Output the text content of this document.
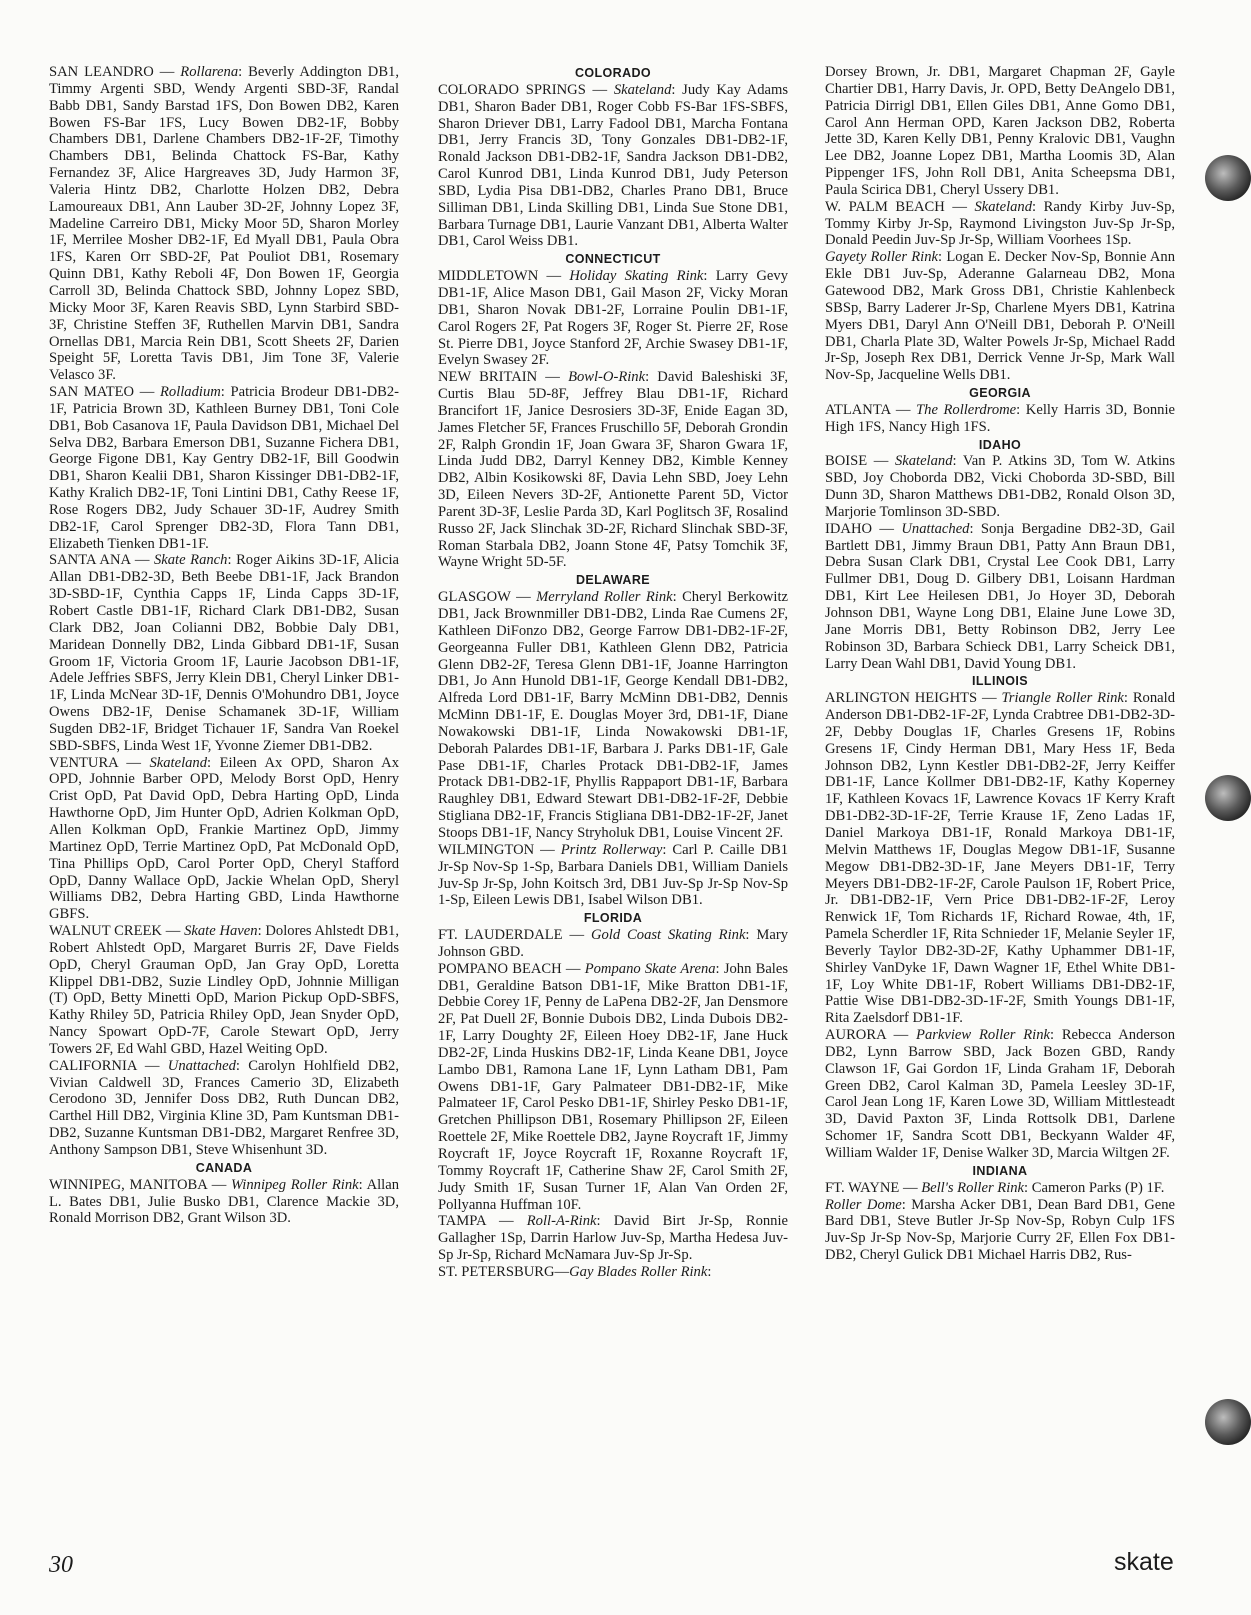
SAN LEANDRO — Rollarena: Beverly Addington DB1, Timmy Argenti SBD, Wendy Argenti SBD-3F, Randal Babb DB1, Sandy Barstad 1FS, Don Bowen DB2, Karen Bowen FS-Bar 1FS, Lucy Bowen DB2-1F, Bobby Chambers DB1, Darlene Chambers DB2-1F-2F, Timothy Chambers DB1, Belinda Chattock FS-Bar, Kathy Fernandez 3F, Alice Hargreaves 3D, Judy Harmon 3F, Valeria Hintz DB2, Charlotte Holzen DB2, Debra Lamoureaux DB1, Ann Lauber 3D-2F, Johnny Lopez 3F, Madeline Carreiro DB1, Micky Moor 5D, Sharon Morley 1F, Merrilee Mosher DB2-1F, Ed Myall DB1, Paula Obra 1FS, Karen Orr SBD-2F, Pat Pouliot DB1, Rosemary Quinn DB1, Kathy Reboli 4F, Don Bowen 1F, Georgia Carroll 3D, Belinda Chattock SBD, Johnny Lopez SBD, Micky Moor 3F, Karen Reavis SBD, Lynn Starbird SBD-3F, Christine Steffen 3F, Ruthellen Marvin DB1, Sandra Ornellas DB1, Marcia Rein DB1, Scott Sheets 2F, Darien Speight 5F, Loretta Tavis DB1, Jim Tone 3F, Valerie Velasco 3F.

SAN MATEO — Rolladium: Patricia Brodeur DB1-DB2-1F, Patricia Brown 3D, Kathleen Burney DB1, Toni Cole DB1, Bob Casanova 1F, Paula Davidson DB1, Michael Del Selva DB2, Barbara Emerson DB1, Suzanne Fichera DB1, George Figone DB1, Kay Gentry DB2-1F, Bill Goodwin DB1, Sharon Kealii DB1, Sharon Kissinger DB1-DB2-1F, Kathy Kralich DB2-1F, Toni Lintini DB1, Cathy Reese 1F, Rose Rogers DB2, Judy Schauer 3D-1F, Audrey Smith DB2-1F, Carol Sprenger DB2-3D, Flora Tann DB1, Elizabeth Tienken DB1-1F.

SANTA ANA — Skate Ranch: Roger Aikins 3D-1F, Alicia Allan DB1-DB2-3D, Beth Beebe DB1-1F, Jack Brandon 3D-SBD-1F, Cynthia Capps 1F, Linda Capps 3D-1F, Robert Castle DB1-1F, Richard Clark DB1-DB2, Susan Clark DB2, Joan Colianni DB2, Bobbie Daly DB1, Maridean Donnelly DB2, Linda Gibbard DB1-1F, Susan Groom 1F, Victoria Groom 1F, Laurie Jacobson DB1-1F, Adele Jeffries SBFS, Jerry Klein DB1, Cheryl Linker DB1-1F, Linda McNear 3D-1F, Dennis O'Mohundro DB1, Joyce Owens DB2-1F, Denise Schamanek 3D-1F, William Sugden DB2-1F, Bridget Tichauer 1F, Sandra Van Roekel SBD-SBFS, Linda West 1F, Yvonne Ziemer DB1-DB2.

VENTURA — Skateland: Eileen Ax OPD, Sharon Ax OPD, Johnnie Barber OPD, Melody Borst OpD, Henry Crist OpD, Pat David OpD, Debra Harting OpD, Linda Hawthorne OpD, Jim Hunter OpD, Adrien Kolkman OpD, Allen Kolkman OpD, Frankie Martinez OpD, Jimmy Martinez OpD, Terrie Martinez OpD, Pat McDonald OpD, Tina Phillips OpD, Carol Porter OpD, Cheryl Stafford OpD, Danny Wallace OpD, Jackie Whelan OpD, Sheryl Williams DB2, Debra Harting GBD, Linda Hawthorne GBFS.

WALNUT CREEK — Skate Haven: Dolores Ahlstedt DB1, Robert Ahlstedt OpD, Margaret Burris 2F, Dave Fields OpD, Cheryl Grauman OpD, Jan Gray OpD, Loretta Klippel DB1-DB2, Suzie Lindley OpD, Johnnie Milligan (T) OpD, Betty Minetti OpD, Marion Pickup OpD-SBFS, Kathy Rhiley 5D, Patricia Rhiley OpD, Jean Snyder OpD, Nancy Spowart OpD-7F, Carole Stewart OpD, Jerry Towers 2F, Ed Wahl GBD, Hazel Weiting OpD.

CALIFORNIA — Unattached: Carolyn Hohlfield DB2, Vivian Caldwell 3D, Frances Camerio 3D, Elizabeth Cerodono 3D, Jennifer Doss DB2, Ruth Duncan DB2, Carthel Hill DB2, Virginia Kline 3D, Pam Kuntsman DB1-DB2, Suzanne Kuntsman DB1-DB2, Margaret Renfree 3D, Anthony Sampson DB1, Steve Whisenhunt 3D.

CANADA

WINNIPEG, MANITOBA — Winnipeg Roller Rink: Allan L. Bates DB1, Julie Busko DB1, Clarence Mackie 3D, Ronald Morrison DB2, Grant Wilson 3D.

COLORADO

COLORADO SPRINGS — Skateland: Judy Kay Adams DB1, Sharon Bader DB1, Roger Cobb FS-Bar 1FS-SBFS, Sharon Driever DB1, Larry Fadool DB1, Marcha Fontana DB1, Jerry Francis 3D, Tony Gonzales DB1-DB2-1F, Ronald Jackson DB1-DB2-1F, Sandra Jackson DB1-DB2, Carol Kunrod DB1, Linda Kunrod DB1, Judy Peterson SBD, Lydia Pisa DB1-DB2, Charles Prano DB1, Bruce Silliman DB1, Linda Skilling DB1, Linda Sue Stone DB1, Barbara Turnage DB1, Laurie Vanzant DB1, Alberta Walter DB1, Carol Weiss DB1.

CONNECTICUT

MIDDLETOWN — Holiday Skating Rink: Larry Gevy DB1-1F, Alice Mason DB1, Gail Mason 2F, Vicky Moran DB1, Sharon Novak DB1-2F, Lorraine Poulin DB1-1F, Carol Rogers 2F, Pat Rogers 3F, Roger St. Pierre 2F, Rose St. Pierre DB1, Joyce Stanford 2F, Archie Swasey DB1-1F, Evelyn Swasey 2F.

NEW BRITAIN — Bowl-O-Rink: David Baleshiski 3F, Curtis Blau 5D-8F, Jeffrey Blau DB1-1F, Richard Brancifort 1F, Janice Desrosiers 3D-3F, Enide Eagan 3D, James Fletcher 5F, Frances Fruschillo 5F, Deborah Grondin 2F, Ralph Grondin 1F, Joan Gwara 3F, Sharon Gwara 1F, Linda Judd DB2, Darryl Kenney DB2, Kimble Kenney DB2, Albin Kosikowski 8F, Davia Lehn SBD, Joey Lehn 3D, Eileen Nevers 3D-2F, Antionette Parent 5D, Victor Parent 3D-3F, Leslie Parda 3D, Karl Poglitsch 3F, Rosalind Russo 2F, Jack Slinchak 3D-2F, Richard Slinchak SBD-3F, Roman Starbala DB2, Joann Stone 4F, Patsy Tomchik 3F, Wayne Wright 5D-5F.

DELAWARE

GLASGOW — Merryland Roller Rink: Cheryl Berkowitz DB1, Jack Brownmiller DB1-DB2, Linda Rae Cumens 2F, Kathleen DiFonzo DB2, George Farrow DB1-DB2-1F-2F, Georgeanna Fuller DB1, Kathleen Glenn DB2, Patricia Glenn DB2-2F, Teresa Glenn DB1-1F, Joanne Harrington DB1, Jo Ann Hunold DB1-1F, George Kendall DB1-DB2, Alfreda Lord DB1-1F, Barry McMinn DB1-DB2, Dennis McMinn DB1-1F, E. Douglas Moyer 3rd, DB1-1F, Diane Nowakowski DB1-1F, Linda Nowakowski DB1-1F, Deborah Palardes DB1-1F, Barbara J. Parks DB1-1F, Gale Pase DB1-1F, Charles Protack DB1-DB2-1F, James Protack DB1-DB2-1F, Phyllis Rappaport DB1-1F, Barbara Raughley DB1, Edward Stewart DB1-DB2-1F-2F, Debbie Stigliana DB2-1F, Francis Stigliana DB1-DB2-1F-2F, Janet Stoops DB1-1F, Nancy Stryholuk DB1, Louise Vincent 2F.

WILMINGTON — Printz Rollerway: Carl P. Caille DB1 Jr-Sp Nov-Sp 1-Sp, Barbara Daniels DB1, William Daniels Juv-Sp Jr-Sp, John Koitsch 3rd, DB1 Juv-Sp Jr-Sp Nov-Sp 1-Sp, Eileen Lewis DB1, Isabel Wilson DB1.

FLORIDA

FT. LAUDERDALE — Gold Coast Skating Rink: Mary Johnson GBD.

POMPANO BEACH — Pompano Skate Arena: John Bales DB1, Geraldine Batson DB1-1F, Mike Bratton DB1-1F, Debbie Corey 1F, Penny de LaPena DB2-2F, Jan Densmore 2F, Pat Duell 2F, Bonnie Dubois DB2, Linda Dubois DB2-1F, Larry Doughty 2F, Eileen Hoey DB2-1F, Jane Huck DB2-2F, Linda Huskins DB2-1F, Linda Keane DB1, Joyce Lambo DB1, Ramona Lane 1F, Lynn Latham DB1, Pam Owens DB1-1F, Gary Palmateer DB1-DB2-1F, Mike Palmateer 1F, Carol Pesko DB1-1F, Shirley Pesko DB1-1F, Gretchen Phillipson DB1, Rosemary Phillipson 2F, Eileen Roettele 2F, Mike Roettele DB2, Jayne Roycraft 1F, Jimmy Roycraft 1F, Joyce Roycraft 1F, Roxanne Roycraft 1F, Tommy Roycraft 1F, Catherine Shaw 2F, Carol Smith 2F, Judy Smith 1F, Susan Turner 1F, Alan Van Orden 2F, Pollyanna Huffman 10F.

TAMPA — Roll-A-Rink: David Birt Jr-Sp, Ronnie Gallagher 1Sp, Darrin Harlow Juv-Sp, Martha Hedesa Juv-Sp Jr-Sp, Richard McNamara Juv-Sp Jr-Sp.

ST. PETERSBURG—Gay Blades Roller Rink:

Dorsey Brown, Jr. DB1, Margaret Chapman 2F, Gayle Chartier DB1, Harry Davis, Jr. OPD, Betty DeAngelo DB1, Patricia Dirrigl DB1, Ellen Giles DB1, Anne Gomo DB1, Carol Ann Herman OPD, Karen Jackson DB2, Roberta Jette 3D, Karen Kelly DB1, Penny Kralovic DB1, Vaughn Lee DB2, Joanne Lopez DB1, Martha Loomis 3D, Alan Pippenger 1FS, John Roll DB1, Anita Scheepsma DB1, Paula Scirica DB1, Cheryl Ussery DB1.

W. PALM BEACH — Skateland: Randy Kirby Juv-Sp, Tommy Kirby Jr-Sp, Raymond Livingston Juv-Sp Jr-Sp, Donald Peedin Juv-Sp Jr-Sp, William Voorhees 1Sp.

Gayety Roller Rink: Logan E. Decker Nov-Sp, Bonnie Ann Ekle DB1 Juv-Sp, Aderanne Galarneau DB2, Mona Gatewood DB2, Mark Gross DB1, Christie Kahlenbeck SBSp, Barry Laderer Jr-Sp, Charlene Myers DB1, Katrina Myers DB1, Daryl Ann O'Neill DB1, Deborah P. O'Neill DB1, Charla Plate 3D, Walter Powels Jr-Sp, Michael Radd Jr-Sp, Joseph Rex DB1, Derrick Venne Jr-Sp, Mark Wall Nov-Sp, Jacqueline Wells DB1.

GEORGIA

ATLANTA — The Rollerdrome: Kelly Harris 3D, Bonnie High 1FS, Nancy High 1FS.

IDAHO

BOISE — Skateland: Van P. Atkins 3D, Tom W. Atkins SBD, Joy Choborda DB2, Vicki Choborda 3D-SBD, Bill Dunn 3D, Sharon Matthews DB1-DB2, Ronald Olson 3D, Marjorie Tomlinson 3D-SBD.

IDAHO — Unattached: Sonja Bergadine DB2-3D, Gail Bartlett DB1, Jimmy Braun DB1, Patty Ann Braun DB1, Debra Susan Clark DB1, Crystal Lee Cook DB1, Larry Fullmer DB1, Doug D. Gilbery DB1, Loisann Hardman DB1, Kirt Lee Heilesen DB1, Jo Hoyer 3D, Deborah Johnson DB1, Wayne Long DB1, Elaine June Lowe 3D, Jane Morris DB1, Betty Robinson DB2, Jerry Lee Robinson 3D, Barbara Schieck DB1, Larry Scheick DB1, Larry Dean Wahl DB1, David Young DB1.

ILLINOIS

ARLINGTON HEIGHTS — Triangle Roller Rink: Ronald Anderson DB1-DB2-1F-2F, Lynda Crabtree DB1-DB2-3D-2F, Debby Douglas 1F, Charles Gresens 1F, Robins Gresens 1F, Cindy Herman DB1, Mary Hess 1F, Beda Johnson DB2, Lynn Kestler DB1-DB2-2F, Jerry Keiffer DB1-1F, Lance Kollmer DB1-DB2-1F, Kathy Koperney 1F, Kathleen Kovacs 1F, Lawrence Kovacs 1F Kerry Kraft DB1-DB2-3D-1F-2F, Terrie Krause 1F, Zeno Ladas 1F, Daniel Markoya DB1-1F, Ronald Markoya DB1-1F, Melvin Matthews 1F, Douglas Megow DB1-1F, Susanne Megow DB1-DB2-3D-1F, Jane Meyers DB1-1F, Terry Meyers DB1-DB2-1F-2F, Carole Paulson 1F, Robert Price, Jr. DB1-DB2-1F, Vern Price DB1-DB2-1F-2F, Leroy Renwick 1F, Tom Richards 1F, Richard Rowae, 4th, 1F, Pamela Scherdler 1F, Rita Schnieder 1F, Melanie Seyler 1F, Beverly Taylor DB2-3D-2F, Kathy Uphammer DB1-1F, Shirley VanDyke 1F, Dawn Wagner 1F, Ethel White DB1-1F, Loy White DB1-1F, Robert Williams DB1-DB2-1F, Pattie Wise DB1-DB2-3D-1F-2F, Smith Youngs DB1-1F, Rita Zaelsdorf DB1-1F.

AURORA — Parkview Roller Rink: Rebecca Anderson DB2, Lynn Barrow SBD, Jack Bozen GBD, Randy Clawson 1F, Gai Gordon 1F, Linda Graham 1F, Deborah Green DB2, Carol Kalman 3D, Pamela Leesley 3D-1F, Carol Jean Long 1F, Karen Lowe 3D, William Mittlesteadt 3D, David Paxton 3F, Linda Rottsolk DB1, Darlene Schomer 1F, Sandra Scott DB1, Beckyann Walder 4F, William Walder 1F, Denise Walker 3D, Marcia Wiltgen 2F.

INDIANA

FT. WAYNE — Bell's Roller Rink: Cameron Parks (P) 1F.

Roller Dome: Marsha Acker DB1, Dean Bard DB1, Gene Bard DB1, Steve Butler Jr-Sp Nov-Sp, Robyn Culp 1FS Juv-Sp Jr-Sp Nov-Sp, Marjorie Curry 2F, Ellen Fox DB1-DB2, Cheryl Gulick DB1 Michael Harris DB2, Rus-

30	skate
